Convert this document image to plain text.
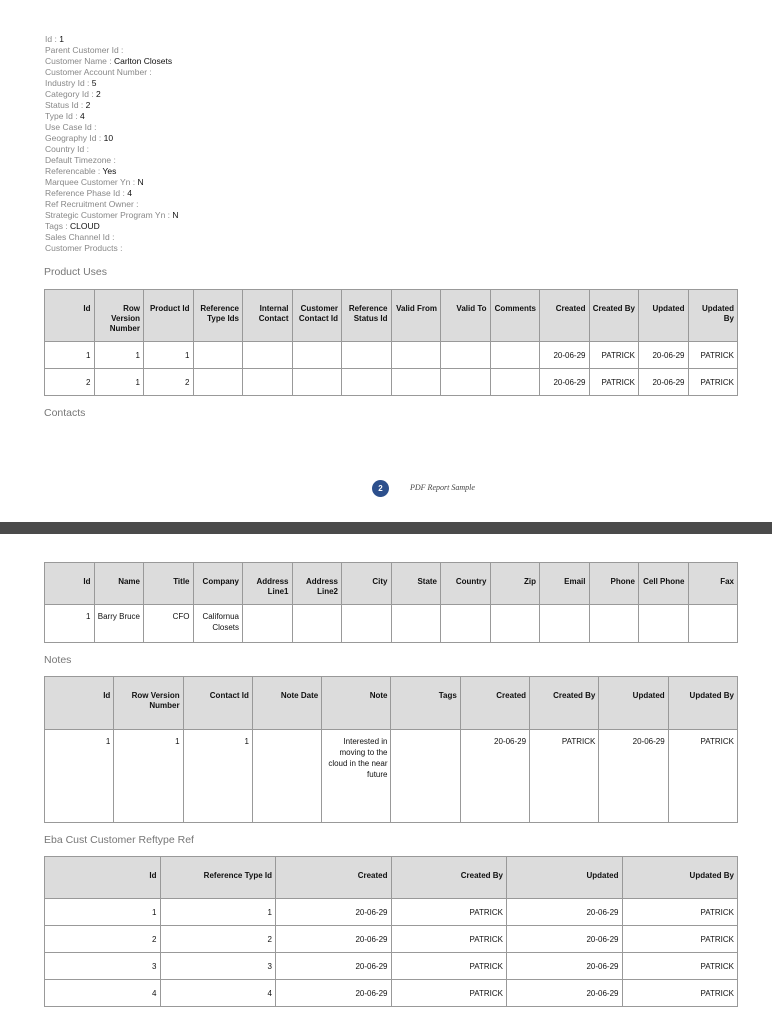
Id : 1
Parent Customer Id :
Customer Name : Carlton Closets
Customer Account Number :
Industry Id : 5
Category Id : 2
Status Id : 2
Type Id : 4
Use Case Id :
Geography Id : 10
Country Id :
Default Timezone :
Referencable : Yes
Marquee Customer Yn : N
Reference Phase Id : 4
Ref Recruitment Owner :
Strategic Customer Program Yn : N
Tags : CLOUD
Sales Channel Id :
Customer Products :
Product Uses
Id	Row Version Number	Product Id	Reference Type Ids	Internal Contact	Customer Contact Id	Reference Status Id	Valid From	Valid To	Comments	Created	Created By	Updated	Updated By
1	1	1								20-06-29	PATRICK	20-06-29	PATRICK
2	1	2								20-06-29	PATRICK	20-06-29	PATRICK
Contacts
2	PDF Report Sample
Id	Name	Title	Company	Address Line1	Address Line2	City	State	Country	Zip	Email	Phone	Cell Phone	Fax
1	Barry Bruce	CFO	Californua Closets										
Notes
Id	Row Version Number	Contact Id	Note Date	Note	Tags	Created	Created By	Updated	Updated By
1	1	1		Interested in moving to the cloud in the near future		20-06-29	PATRICK	20-06-29	PATRICK
Eba Cust Customer Reftype Ref
Id	Reference Type Id	Created	Created By	Updated	Updated By
1	1	20-06-29	PATRICK	20-06-29	PATRICK
2	2	20-06-29	PATRICK	20-06-29	PATRICK
3	3	20-06-29	PATRICK	20-06-29	PATRICK
4	4	20-06-29	PATRICK	20-06-29	PATRICK
